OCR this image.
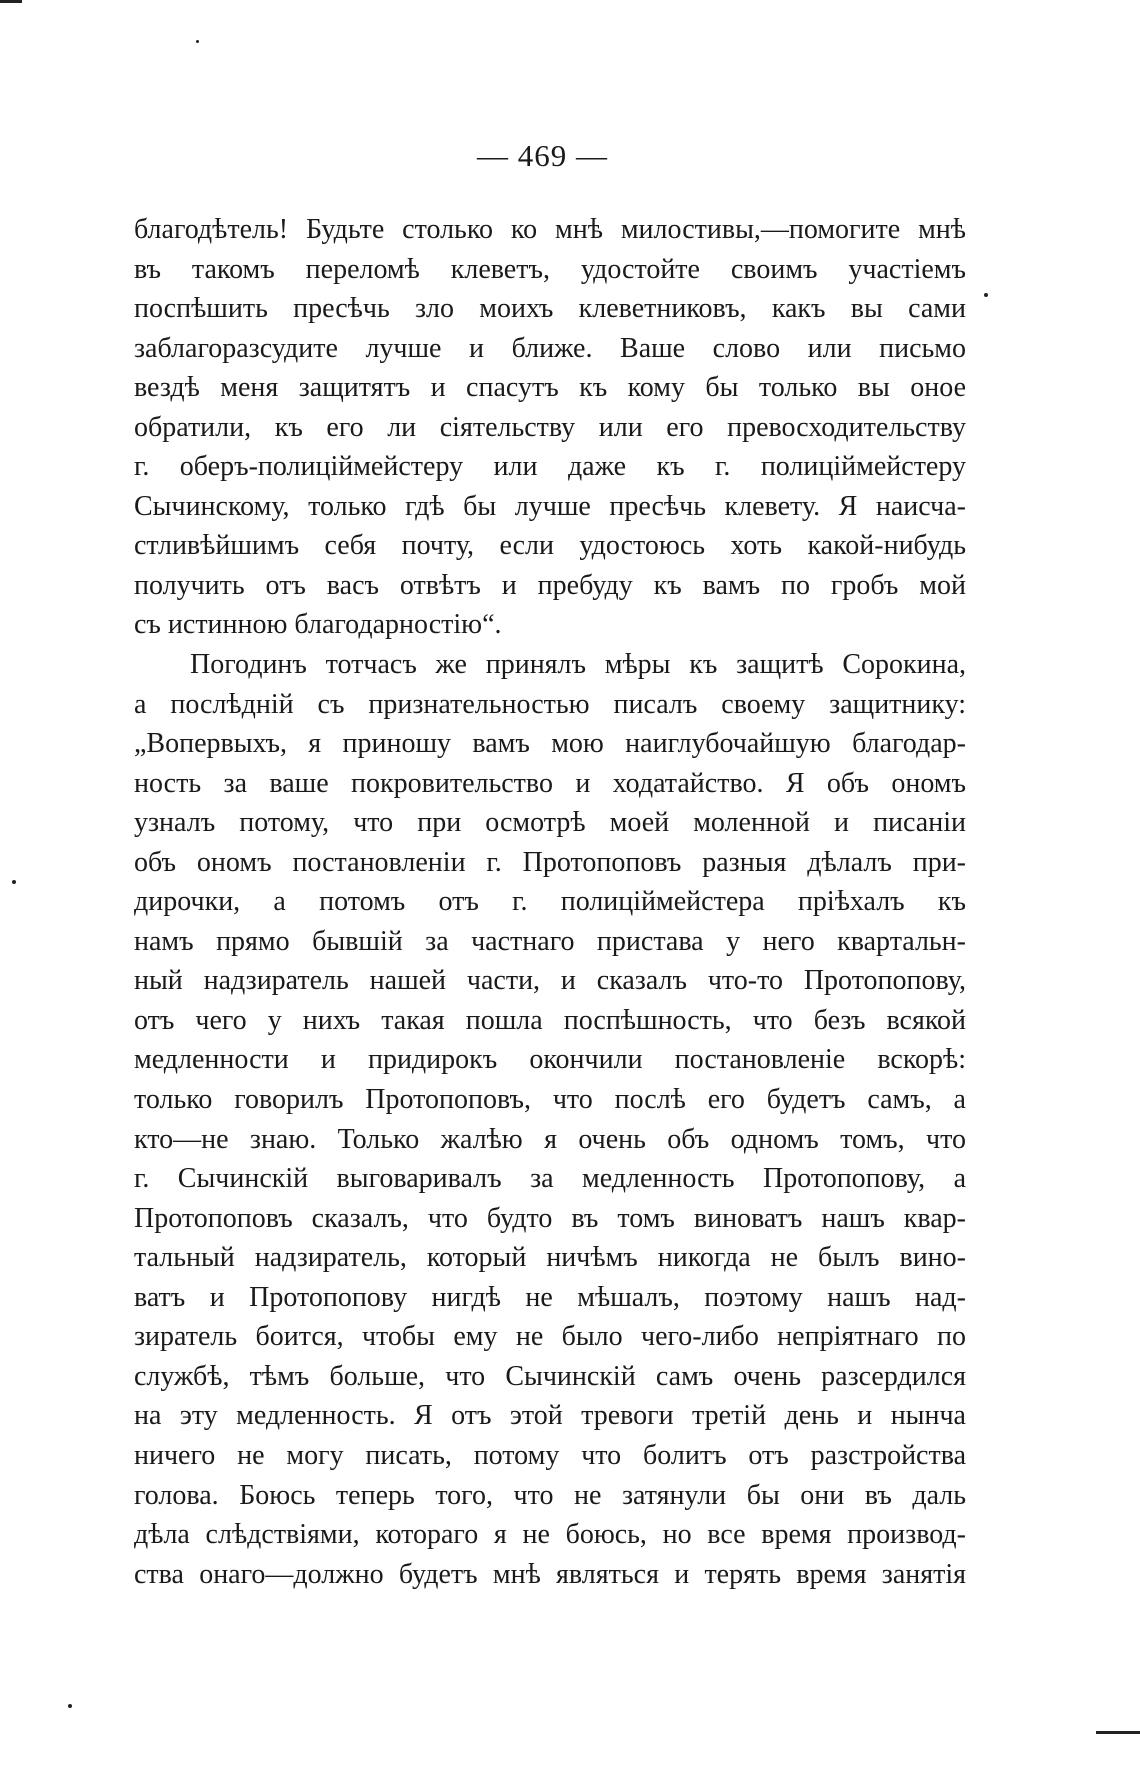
— 469 —
благодѣтель! Будьте столько ко мнѣ милостивы,—помогите мнѣ
въ такомъ переломѣ клеветъ, удостойте своимъ участіемъ
поспѣшить пресѣчь зло моихъ клеветниковъ, какъ вы сами
заблагоразсудите лучше и ближе. Ваше слово или письмо
вездѣ меня защитятъ и спасутъ къ кому бы только вы оное
обратили, къ его ли сіятельству или его превосходительству
г. оберъ-полиціймейстеру или даже къ г. полиціймейстеру
Сычинскому, только гдѣ бы лучше пресѣчь клевету. Я наисча-
стливѣйшимъ себя почту, если удостоюсь хоть какой-нибудь
получить отъ васъ отвѣтъ и пребуду къ вамъ по гробъ мой
съ истинною благодарностію“.
Погодинъ тотчасъ же принялъ мѣры къ защитѣ Сорокина,
а послѣдній съ признательностью писалъ своему защитнику:
„Вопервыхъ, я приношу вамъ мою наиглубочайшую благодар-
ность за ваше покровительство и ходатайство. Я объ ономъ
узналъ потому, что при осмотрѣ моей моленной и писаніи
объ ономъ постановленіи г. Протопоповъ разныя дѣлалъ при-
дирочки, а потомъ отъ г. полиціймейстера пріѣхалъ къ
намъ прямо бывшій за частнаго пристава у него квартальн-
ный надзиратель нашей части, и сказалъ что-то Протопопову,
отъ чего у нихъ такая пошла поспѣшность, что безъ всякой
медленности и придирокъ окончили постановленіе вскорѣ:
только говорилъ Протопоповъ, что послѣ его будетъ самъ, а
кто—не знаю. Только жалѣю я очень объ одномъ томъ, что
г. Сычинскій выговаривалъ за медленность Протопопову, а
Протопоповъ сказалъ, что будто въ томъ виноватъ нашъ квар-
тальный надзиратель, который ничѣмъ никогда не былъ вино-
ватъ и Протопопову нигдѣ не мѣшалъ, поэтому нашъ над-
зиратель боится, чтобы ему не было чего-либо непріятнаго по
службѣ, тѣмъ больше, что Сычинскій самъ очень разсердился
на эту медленность. Я отъ этой тревоги третій день и нынча
ничего не могу писать, потому что болитъ отъ разстройства
голова. Боюсь теперь того, что не затянули бы они въ даль
дѣла слѣдствіями, котораго я не боюсь, но все время производ-
ства онаго—должно будетъ мнѣ являться и терять время занятія
